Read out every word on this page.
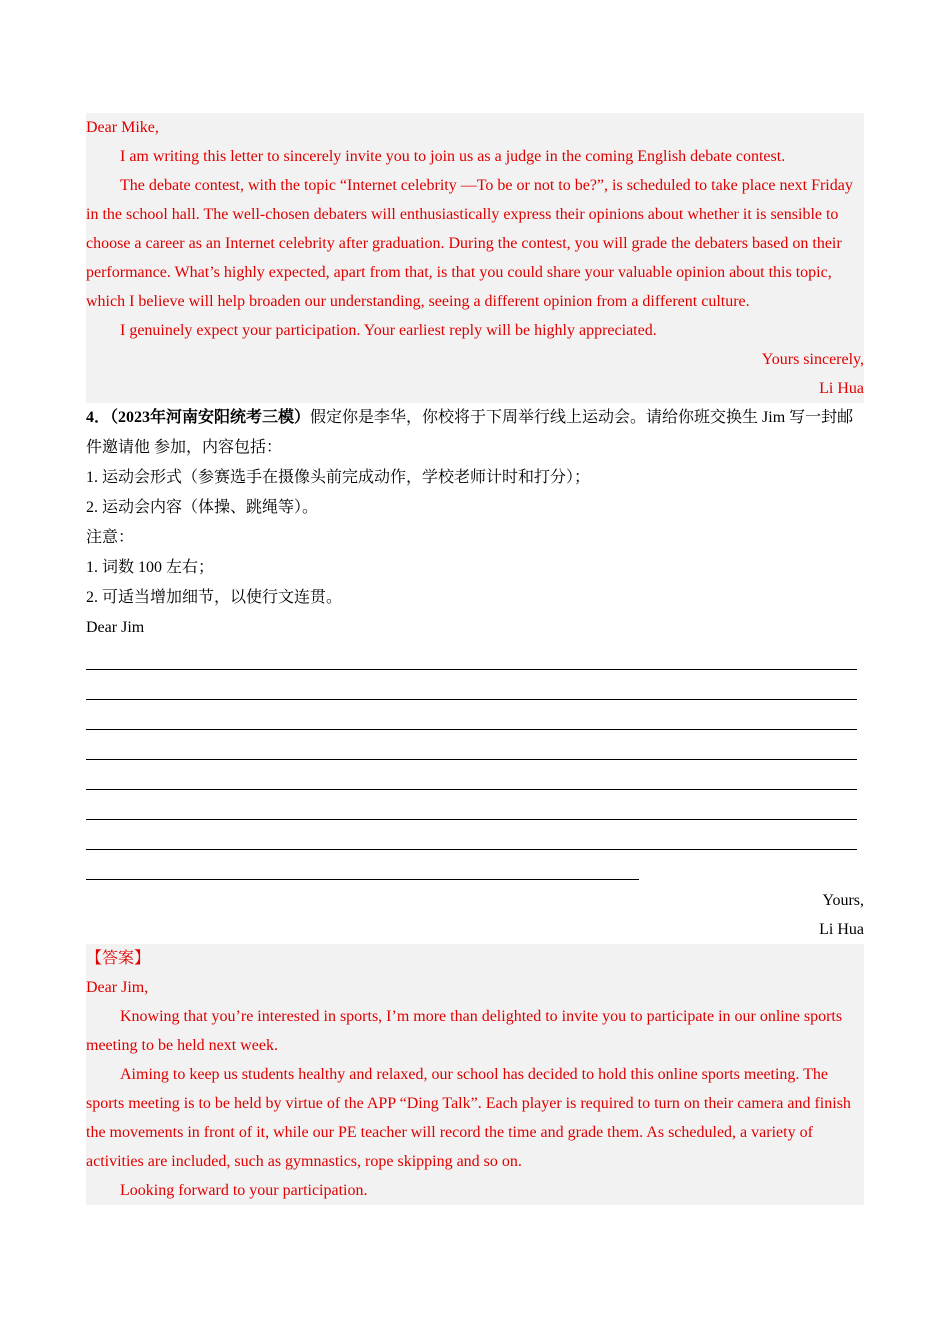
Dear Mike,

I am writing this letter to sincerely invite you to join us as a judge in the coming English debate contest.

The debate contest, with the topic “Internet celebrity —To be or not to be?”, is scheduled to take place next Friday in the school hall. The well-chosen debaters will enthusiastically express their opinions about whether it is sensible to choose a career as an Internet celebrity after graduation. During the contest, you will grade the debaters based on their performance. What’s highly expected, apart from that, is that you could share your valuable opinion about this topic, which I believe will help broaden our understanding, seeing a different opinion from a different culture.

I genuinely expect your participation. Your earliest reply will be highly appreciated.

Yours sincerely,

Li Hua

4．（2023年河南安阳统考三模）假定你是李华，你校将于下周举行线上运动会。请给你班交换生 Jim 写一封邮件邀请他 参加，内容包括：

1. 运动会形式（参赛选手在摄像头前完成动作，学校老师计时和打分）；

2. 运动会内容（体操、跳绳等）。

注意：

1. 词数 100 左右；

2. 可适当增加细节，以使行文连贯。

Dear Jim

Yours,

Li Hua

【答案】

Dear Jim,

Knowing that you’re interested in sports, I’m more than delighted to invite you to participate in our online sports meeting to be held next week.

Aiming to keep us students healthy and relaxed, our school has decided to hold this online sports meeting. The sports meeting is to be held by virtue of the APP “Ding Talk”. Each player is required to turn on their camera and finish the movements in front of it, while our PE teacher will record the time and grade them. As scheduled, a variety of activities are included, such as gymnastics, rope skipping and so on.

Looking forward to your participation.
